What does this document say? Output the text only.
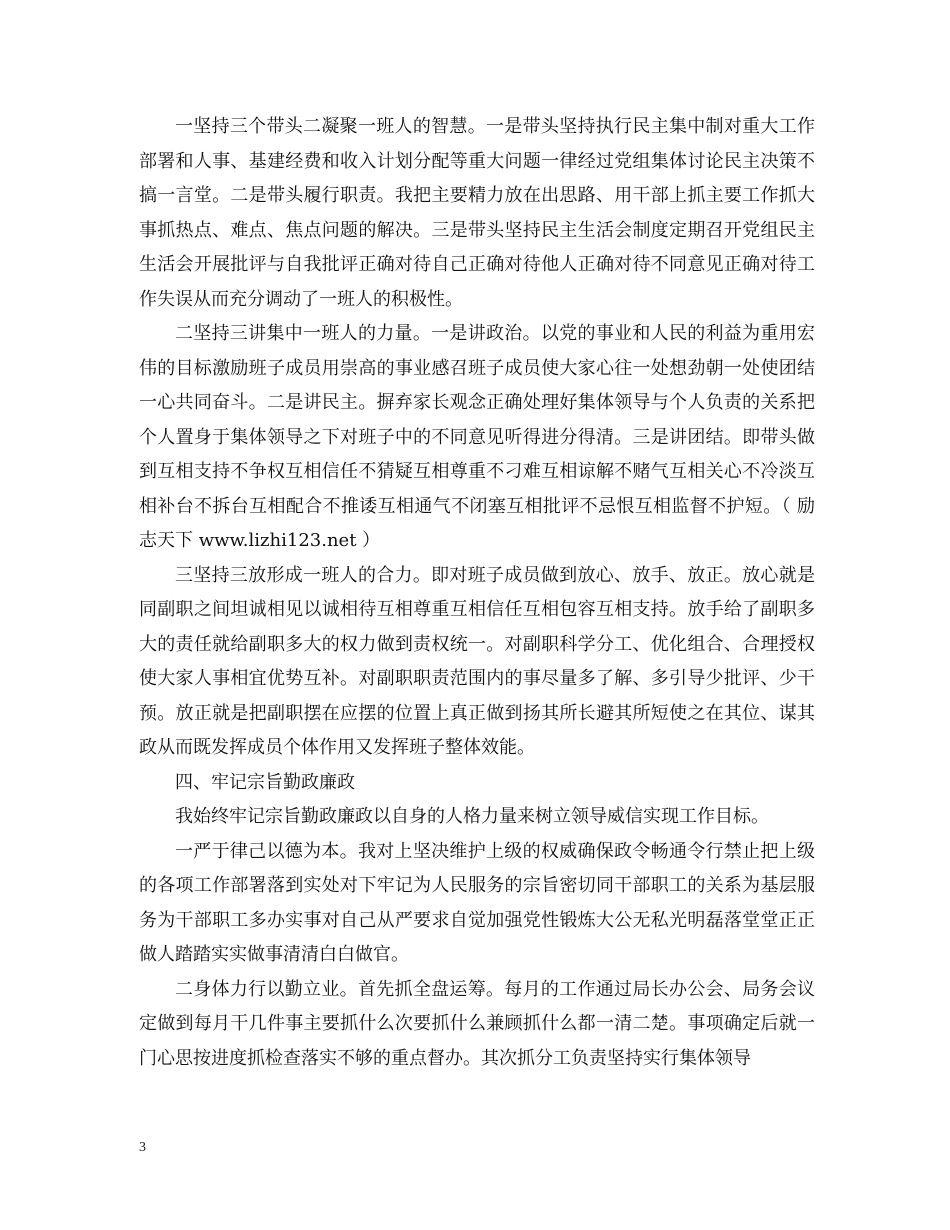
一坚持三个带头二凝聚一班人的智慧。一是带头坚持执行民主集中制对重大工作部署和人事、基建经费和收入计划分配等重大问题一律经过党组集体讨论民主决策不搞一言堂。二是带头履行职责。我把主要精力放在出思路、用干部上抓主要工作抓大事抓热点、难点、焦点问题的解决。三是带头坚持民主生活会制度定期召开党组民主生活会开展批评与自我批评正确对待自己正确对待他人正确对待不同意见正确对待工作失误从而充分调动了一班人的积极性。

二坚持三讲集中一班人的力量。一是讲政治。以党的事业和人民的利益为重用宏伟的目标激励班子成员用崇高的事业感召班子成员使大家心往一处想劲朝一处使团结一心共同奋斗。二是讲民主。摒弃家长观念正确处理好集体领导与个人负责的关系把个人置身于集体领导之下对班子中的不同意见听得进分得清。三是讲团结。即带头做到互相支持不争权互相信任不猜疑互相尊重不刁难互相谅解不赌气互相关心不冷淡互相补台不拆台互相配合不推诿互相通气不闭塞互相批评不忌恨互相监督不护短。（ 励志天下 www.lizhi123.net ）

三坚持三放形成一班人的合力。即对班子成员做到放心、放手、放正。放心就是同副职之间坦诚相见以诚相待互相尊重互相信任互相包容互相支持。放手给了副职多大的责任就给副职多大的权力做到责权统一。对副职科学分工、优化组合、合理授权使大家人事相宜优势互补。对副职职责范围内的事尽量多了解、多引导少批评、少干预。放正就是把副职摆在应摆的位置上真正做到扬其所长避其所短使之在其位、谋其政从而既发挥成员个体作用又发挥班子整体效能。

四、牢记宗旨勤政廉政

我始终牢记宗旨勤政廉政以自身的人格力量来树立领导威信实现工作目标。

一严于律己以德为本。我对上坚决维护上级的权威确保政令畅通令行禁止把上级的各项工作部署落到实处对下牢记为人民服务的宗旨密切同干部职工的关系为基层服务为干部职工多办实事对自己从严要求自觉加强党性锻炼大公无私光明磊落堂堂正正做人踏踏实实做事清清白白做官。

二身体力行以勤立业。首先抓全盘运筹。每月的工作通过局长办公会、局务会议定做到每月干几件事主要抓什么次要抓什么兼顾抓什么都一清二楚。事项确定后就一门心思按进度抓检查落实不够的重点督办。其次抓分工负责坚持实行集体领导

3
